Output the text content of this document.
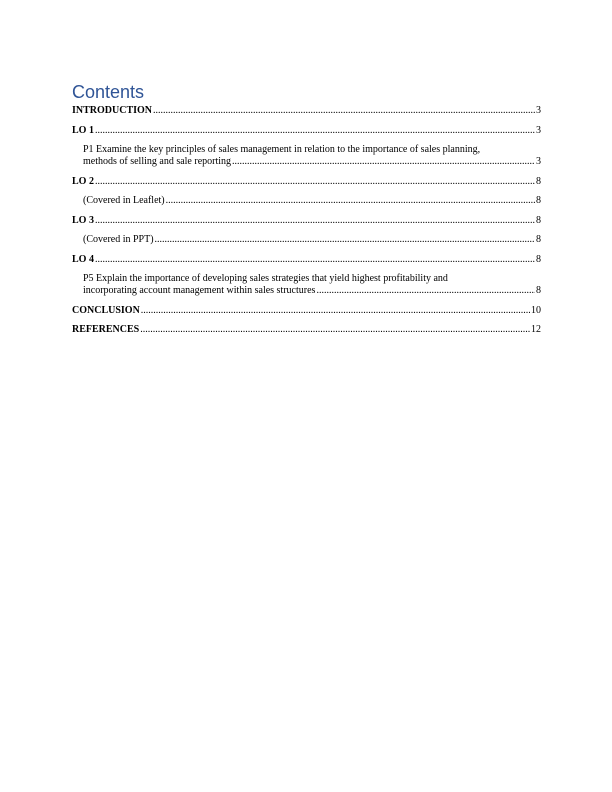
Contents
INTRODUCTION .....	3
LO 1 .....	3
P1 Examine the key principles of sales management in relation to the importance of sales planning,
methods of selling and sale reporting .....	3
LO 2 .....	8
(Covered in Leaflet) .....	8
LO 3 .....	8
(Covered in PPT) .....	8
LO 4 .....	8
P5 Explain the importance of developing sales strategies that yield highest profitability and
incorporating account management within sales structures .....	8
CONCLUSION .....	10
REFERENCES .....	12
